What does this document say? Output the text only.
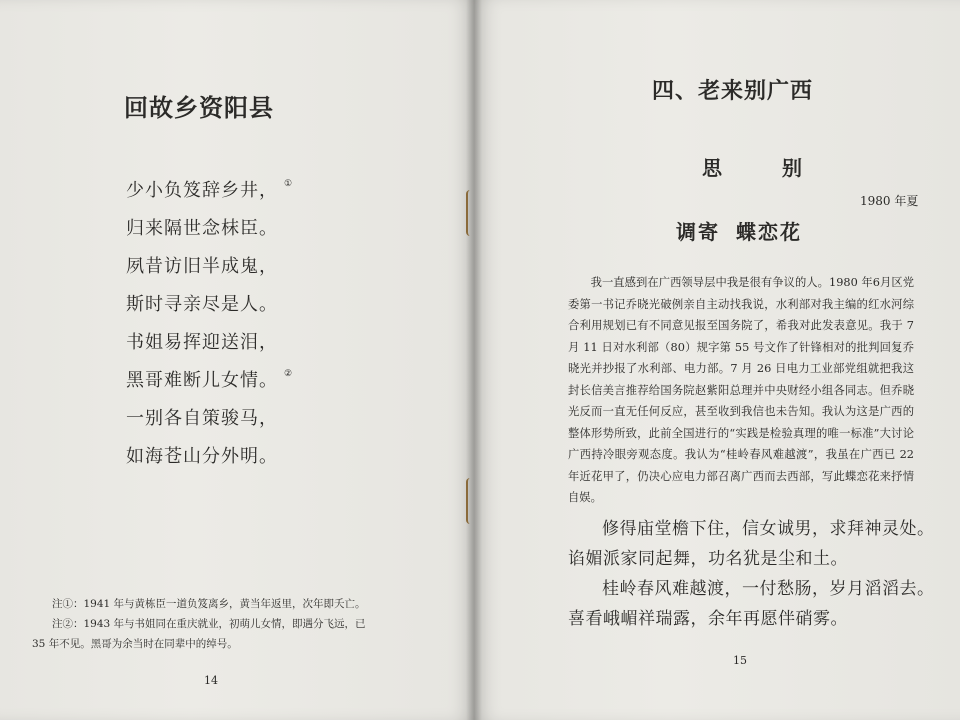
回故乡资阳县
少小负笈辞乡井， ①
归来隔世念枺臣。
夙昔访旧半成鬼，
斯时寻亲尽是人。
书姐易挥迎送泪，
黑哥难断儿女情。 ②
一别各自策骏马，
如海苍山分外明。
注①：1941 年与黄栋臣一道负笈离乡，黄当年返里，次年即夭亡。
注②：1943 年与书姐同在重庆就业，初萌儿女情，即遇分飞远，已
35 年不见。黑哥为余当时在同辈中的绰号。
14
四、老来别广西
思　别
1980 年夏
调寄 蝶恋花

我一直感到在广西领导层中我是很有争议的人。1980 年6月区党委第一书记乔晓光破例亲自主动找我说，水利部对我主编的红水河综合利用规划已有不同意见报至国务院了，希我对此发表意见。我于 7 月 11 日对水利部（80）规字第 55 号文作了针锋相对的批判回复乔晓光并抄报了水利部、电力部。7 月 26 日电力工业部党组就把我这封长信美言推荐给国务院赵紫阳总理并中央财经小组各同志。但乔晓光反而一直无任何反应，甚至收到我信也未告知。我认为这是广西的整体形势所致，此前全国进行的“实践是检验真理的唯一标准”大讨论广西持冷眼旁观态度。我认为“桂岭春风难越渡”，我虽在广西已 22 年近花甲了，仍决心应电力部召离广西而去西部，写此蝶恋花来抒情自娱。

修得庙堂檐下住，信女诚男，求拜神灵处。
谄媚派家同起舞，功名犹是尘和土。
桂岭春风难越渡，一付愁肠，岁月滔滔去。
喜看峨嵋祥瑞露，余年再愿伴硝雾。
15
